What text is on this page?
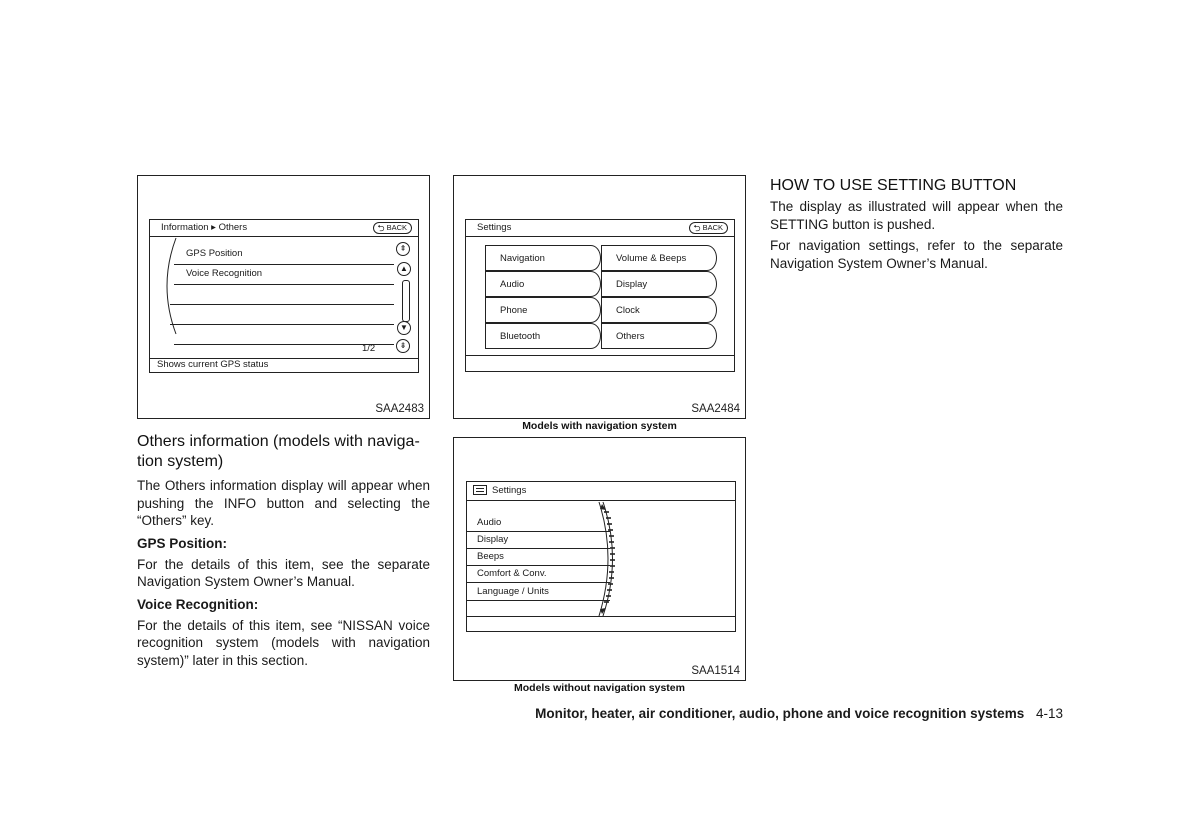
Information ▸ Others	⮌ BACK
GPS Position
Voice Recognition
⇞
▲
▼
⇟
1/2
Shows current GPS status
SAA2483
Settings	⮌ BACK
Navigation
Audio
Phone
Bluetooth
Volume & Beeps
Display
Clock
Others
SAA2484
Models with navigation system
Settings
Audio
Display
Beeps
Comfort & Conv.
Language / Units
SAA1514
Models without navigation system
Others information (models with naviga-
tion system)
The Others information display will appear when pushing the INFO button and selecting the “Others” key.
GPS Position:
For the details of this item, see the separate Navigation System Owner’s Manual.
Voice Recognition:
For the details of this item, see “NISSAN voice recognition system (models with navigation system)” later in this section.
HOW TO USE SETTING BUTTON
The display as illustrated will appear when the SETTING button is pushed.
For navigation settings, refer to the separate Navigation System Owner’s Manual.
Monitor, heater, air conditioner, audio, phone and voice recognition systems 4-13
